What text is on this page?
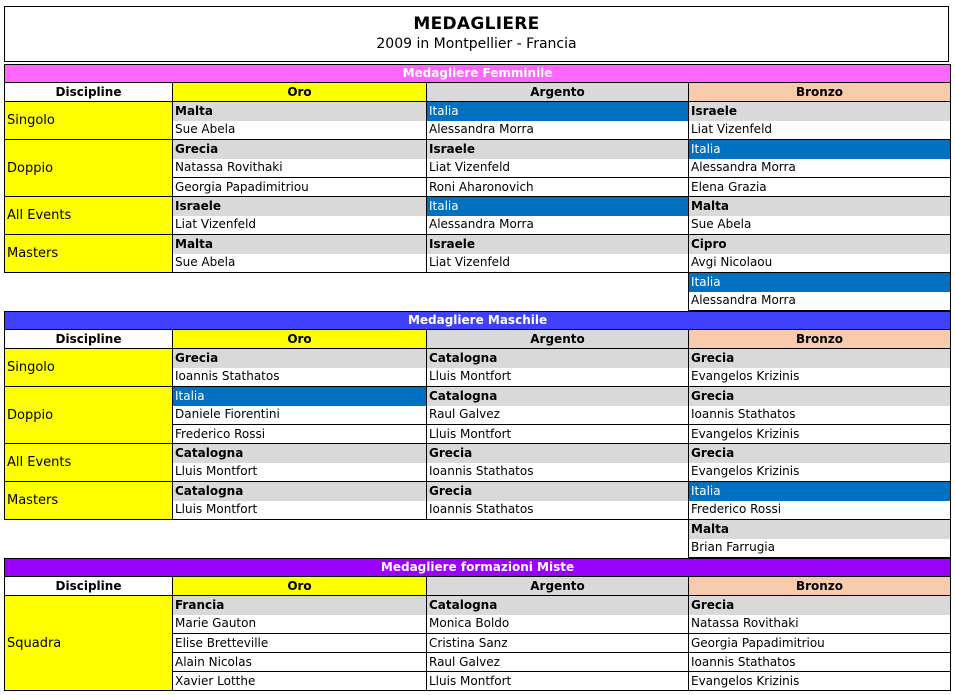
MEDAGLIERE
2009 in Montpellier - Francia
Medagliere Femminile			
Discipline	Oro	Argento	Bronzo
Singolo	Malta	Italia	Israele
	Sue Abela	Alessandra Morra	Liat Vizenfeld
Doppio	Grecia	Israele	Italia
	Natassa Rovithaki	Liat Vizenfeld	Alessandra Morra
	Georgia Papadimitriou	Roni Aharonovich	Elena Grazia
All Events	Israele	Italia	Malta
	Liat Vizenfeld	Alessandra Morra	Sue Abela
Masters	Malta	Israele	Cipro
	Sue Abela	Liat Vizenfeld	Avgi Nicolaou
			Italia
			Alessandra Morra
Medagliere Maschile			
Discipline	Oro	Argento	Bronzo
Singolo	Grecia	Catalogna	Grecia
	Ioannis Stathatos	Lluis Montfort	Evangelos Krizinis
Doppio	Italia	Catalogna	Grecia
	Daniele Fiorentini	Raul Galvez	Ioannis Stathatos
	Frederico Rossi	Lluis Montfort	Evangelos Krizinis
All Events	Catalogna	Grecia	Grecia
	Lluis Montfort	Ioannis Stathatos	Evangelos Krizinis
Masters	Catalogna	Grecia	Italia
	Lluis Montfort	Ioannis Stathatos	Frederico Rossi
			Malta
			Brian Farrugia
Medagliere formazioni Miste			
Discipline	Oro	Argento	Bronzo
Squadra	Francia	Catalogna	Grecia
	Marie Gauton	Monica Boldo	Natassa Rovithaki
	Elise Bretteville	Cristina Sanz	Georgia Papadimitriou
	Alain Nicolas	Raul Galvez	Ioannis Stathatos
	Xavier Lotthe	Lluis Montfort	Evangelos Krizinis
